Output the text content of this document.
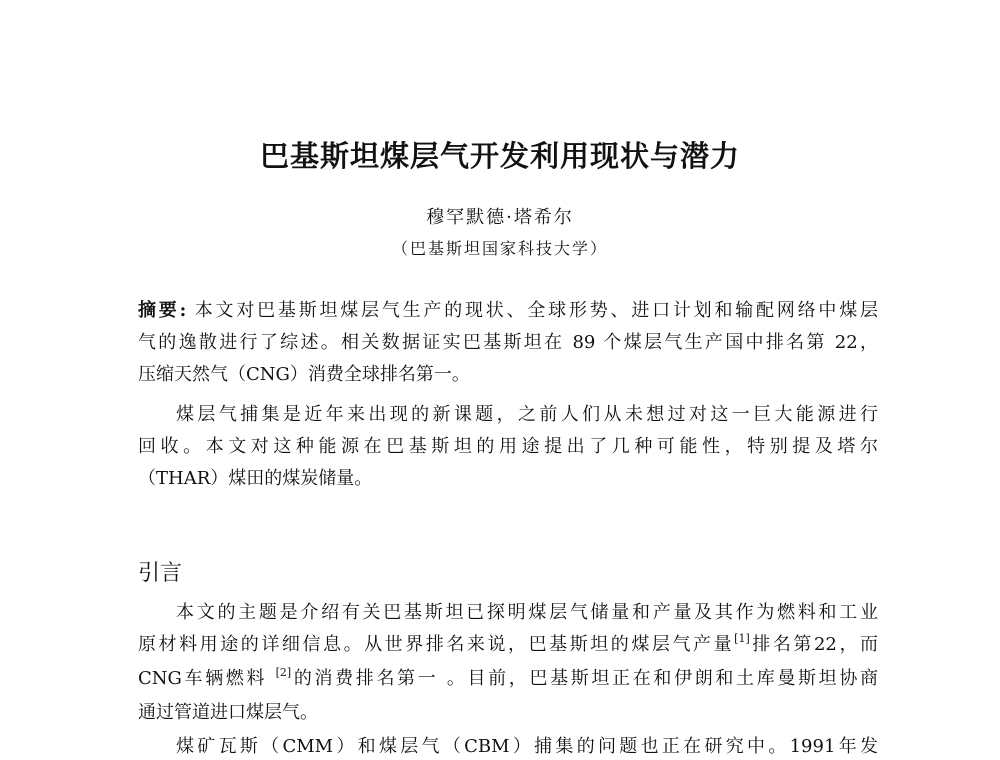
巴基斯坦煤层气开发利用现状与潜力
穆罕默德·塔希尔
（巴基斯坦国家科技大学）
摘要: 本文对巴基斯坦煤层气生产的现状、全球形势、进口计划和输配网络中煤层
气的逸散进行了综述。相关数据证实巴基斯坦在 89 个煤层气生产国中排名第 22，
压缩天然气（CNG）消费全球排名第一。
煤层气捕集是近年来出现的新课题，之前人们从未想过对这一巨大能源进行
回收。本文对这种能源在巴基斯坦的用途提出了几种可能性，特别提及塔尔
（THAR）煤田的煤炭储量。
引言
本文的主题是介绍有关巴基斯坦已探明煤层气储量和产量及其作为燃料和工业
原材料用途的详细信息。从世界排名来说，巴基斯坦的煤层气产量[1]排名第22，而
CNG车辆燃料 [2]的消费排名第一 。目前，巴基斯坦正在和伊朗和土库曼斯坦协商
通过管道进口煤层气。
煤矿瓦斯（CMM）和煤层气（CBM）捕集的问题也正在研究中。1991年发
